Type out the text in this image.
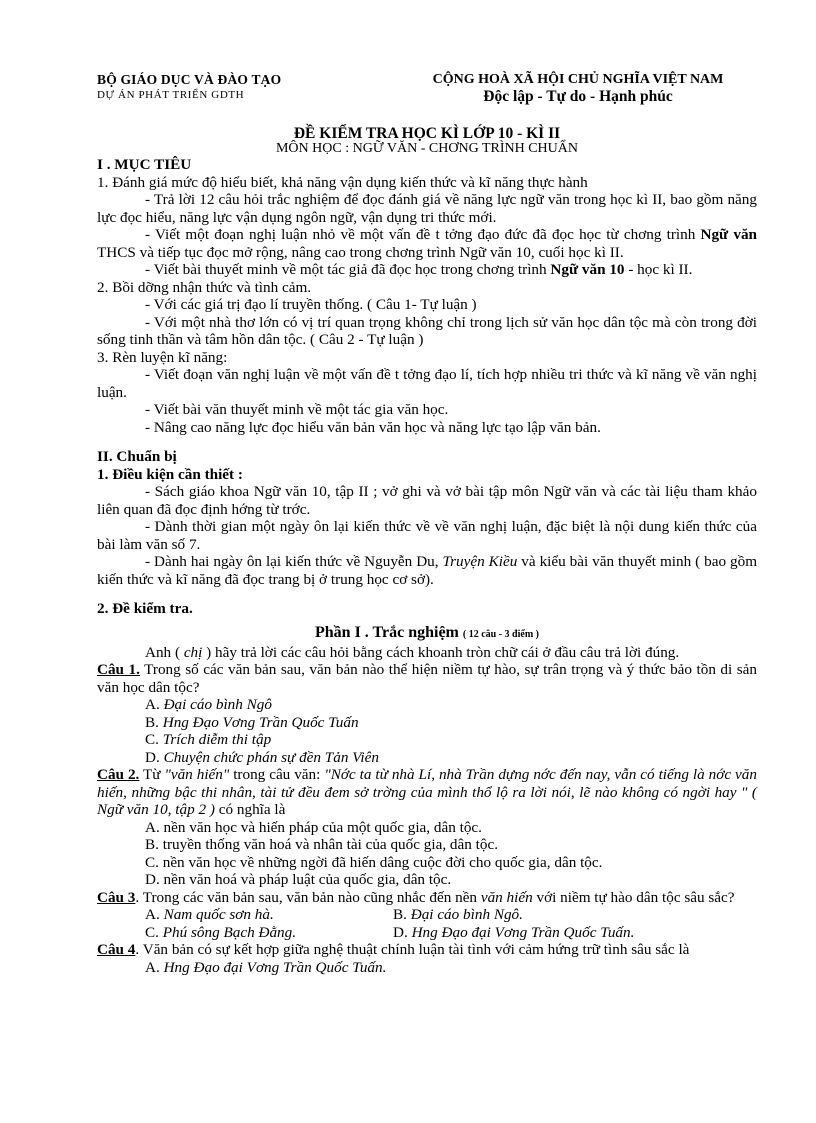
BỘ GIÁO DỤC VÀ ĐÀO TẠO
DỰ ÁN PHÁT TRIỂN GDTH
CỘNG HOÀ XÃ HỘI CHỦ NGHĨA VIỆT NAM
Độc lập - Tự do - Hạnh phúc
ĐỀ KIỂM TRA HỌC KÌ LỚP 10 - KÌ II
MÔN HỌC : NGỮ VĂN - CHƠNG TRÌNH CHUẨN

I . MỤC TIÊU

1. Đánh giá mức độ hiểu biết, khả năng vận dụng kiến thức và kĩ năng thực hành

- Trả lời 12 câu hỏi trắc nghiệm để đọc đánh giá về năng lực ngữ văn trong học kì II, bao gồm năng lực đọc hiểu, năng lực vận dụng ngôn ngữ, vận dụng tri thức mới.

- Viết một đoạn nghị luận nhỏ về một vấn đề t tởng đạo đức đã đọc học từ chơng trình Ngữ văn THCS và tiếp tục đọc mở rộng, nâng cao trong chơng trình Ngữ văn 10, cuối học kì II.

- Viết bài thuyết minh về một tác giả đã đọc học trong chơng trình Ngữ văn 10 - học kì II.

2. Bồi dỡng nhận thức và tình cảm.

- Với các giá trị đạo lí truyền thống. ( Câu 1- Tự luận )

- Với một nhà thơ lớn có vị trí quan trọng không chỉ trong lịch sử văn học dân tộc mà còn trong đời sống tinh thần và tâm hồn dân tộc. ( Câu 2 - Tự luận )

3. Rèn luyện kĩ năng:

- Viết đoạn văn nghị luận về một vấn đề t tởng đạo lí, tích hợp nhiều tri thức và kĩ năng về văn nghị luận.

- Viết bài văn thuyết minh về một tác gia văn học.

- Nâng cao năng lực đọc hiểu văn bản văn học và năng lực tạo lập văn bản.

II. Chuẩn bị

1. Điều kiện cần thiết :

- Sách giáo khoa Ngữ văn 10, tập II ; vở ghi và vở bài tập môn Ngữ văn và các tài liệu tham khảo liên quan đã đọc định hớng từ trớc.

- Dành thời gian một ngày ôn lại kiến thức về về văn nghị luận, đặc biệt là nội dung kiến thức của bài làm văn số 7.

- Dành hai ngày ôn lại kiến thức về Nguyễn Du, Truyện Kiều và kiểu bài văn thuyết minh ( bao gồm kiến thức và kĩ năng đã đọc trang bị ở trung học cơ sở).

2. Đề kiểm tra.

Phần I . Trắc nghiệm ( 12 câu - 3 điểm )

Anh ( chị ) hãy trả lời các câu hỏi bằng cách khoanh tròn chữ cái ở đầu câu trả lời đúng.

Câu 1. Trong số các văn bản sau, văn bản nào thể hiện niềm tự hào, sự trân trọng và ý thức bảo tồn di sản văn học dân tộc?

A. Đại cáo bình Ngô

B. Hng Đạo Vơng Trần Quốc Tuấn

C. Trích diễm thi tập

D. Chuyện chức phán sự đền Tản Viên

Câu 2. Từ "văn hiến" trong câu văn: "Nớc ta từ nhà Lí, nhà Trần dựng nớc đến nay, vẫn có tiếng là nớc văn hiến, những bậc thi nhân, tài tử đều đem sở trờng của mình thổ lộ ra lời nói, lẽ nào không có ngời hay " ( Ngữ văn 10, tập 2 ) có nghĩa là

A. nền văn học và hiến pháp của một quốc gia, dân tộc.

B. truyền thống văn hoá và nhân tài của quốc gia, dân tộc.

C. nền văn học về những ngời đã hiến dâng cuộc đời cho quốc gia, dân tộc.

D. nền văn hoá và pháp luật của quốc gia, dân tộc.

Câu 3. Trong các văn bản sau, văn bản nào cũng nhắc đến nền văn hiến với niềm tự hào dân tộc sâu sắc?

A. Nam quốc sơn hà.	B. Đại cáo bình Ngô.

C. Phú sông Bạch Đằng.	D. Hng Đạo đại Vơng Trần Quốc Tuấn.

Câu 4. Văn bản có sự kết hợp giữa nghệ thuật chính luận tài tình với cảm hứng trữ tình sâu sắc là

A. Hng Đạo đại Vơng Trần Quốc Tuấn.
